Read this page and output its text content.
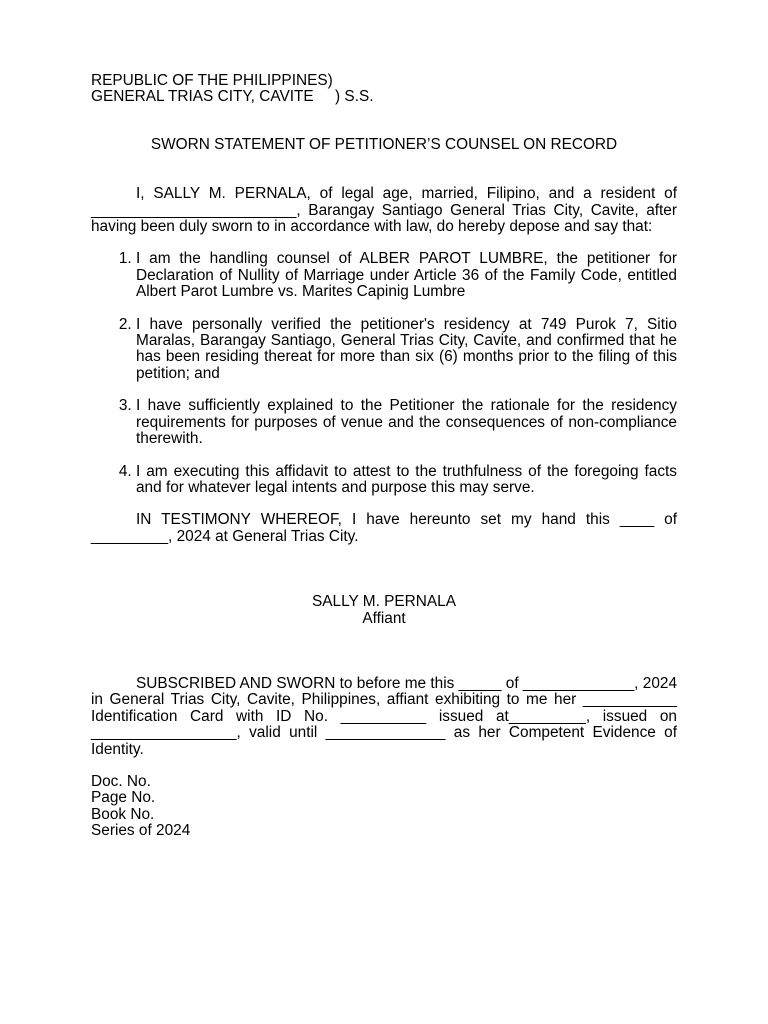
REPUBLIC OF THE PHILIPPINES)
GENERAL TRIAS CITY, CAVITE     ) S.S.
SWORN STATEMENT OF PETITIONER’S COUNSEL ON RECORD

I, SALLY M. PERNALA, of legal age, married, Filipino, and a resident of ________________________, Barangay Santiago General Trias City, Cavite, after having been duly sworn to in accordance with law, do hereby depose and say that:

1. I am the handling counsel of ALBER PAROT LUMBRE, the petitioner for Declaration of Nullity of Marriage under Article 36 of the Family Code, entitled Albert Parot Lumbre vs. Marites Capinig Lumbre
2. I have personally verified the petitioner's residency at 749 Purok 7, Sitio Maralas, Barangay Santiago, General Trias City, Cavite, and confirmed that he has been residing thereat for more than six (6) months prior to the filing of this petition; and
3. I have sufficiently explained to the Petitioner the rationale for the residency requirements for purposes of venue and the consequences of non-compliance therewith.
4. I am executing this affidavit to attest to the truthfulness of the foregoing facts and for whatever legal intents and purpose this may serve.

IN TESTIMONY WHEREOF, I have hereunto set my hand this ____ of _________, 2024 at General Trias City.

SALLY M. PERNALA
Affiant

SUBSCRIBED AND SWORN to before me this _____ of _____________, 2024 in General Trias City, Cavite, Philippines, affiant exhibiting to me her ___________ Identification Card with ID No. __________ issued at_________, issued on _________________, valid until ______________ as her Competent Evidence of Identity.

Doc. No.
Page No.
Book No.
Series of 2024
